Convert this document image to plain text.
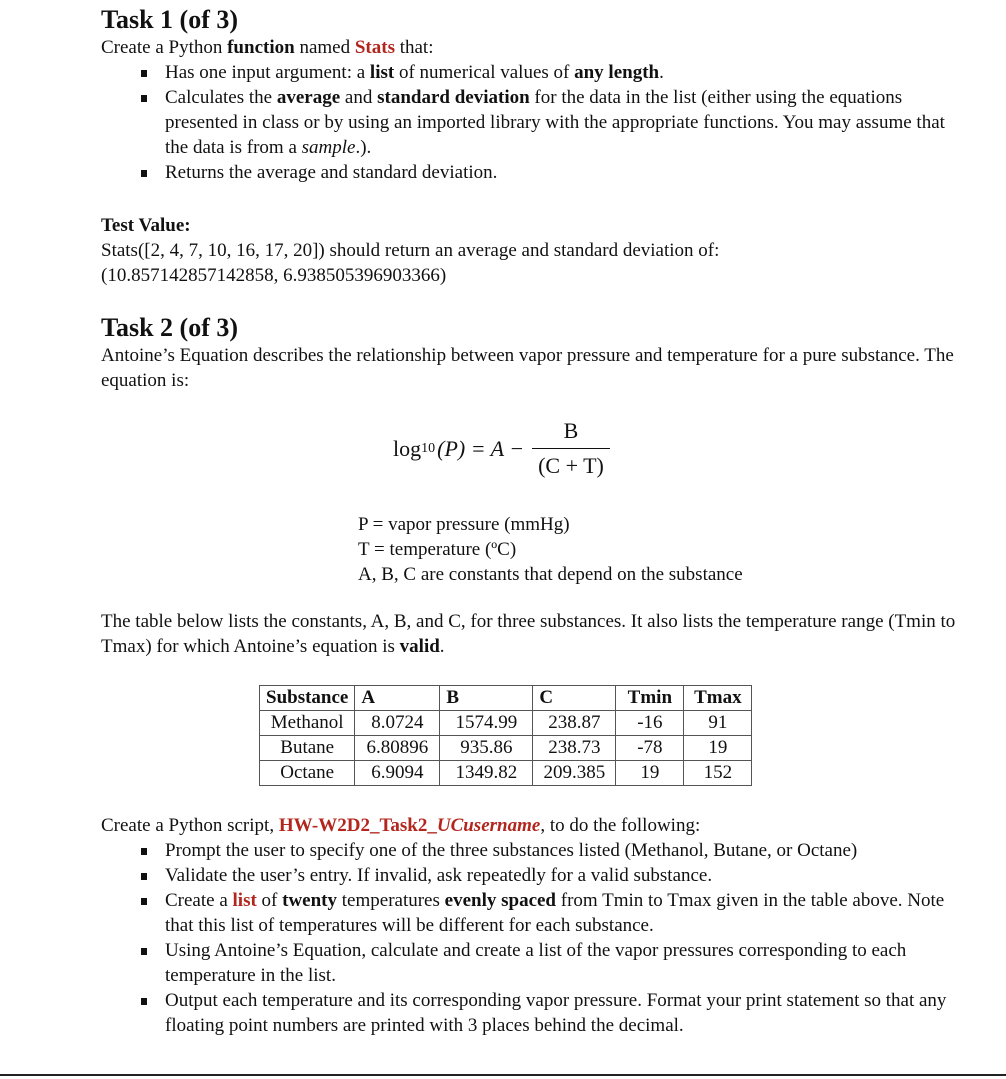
Task 1 (of 3)
Create a Python function named Stats that:
Has one input argument: a list of numerical values of any length.
Calculates the average and standard deviation for the data in the list (either using the equations presented in class or by using an imported library with the appropriate functions. You may assume that the data is from a sample.).
Returns the average and standard deviation.
Test Value:
Stats([2, 4, 7, 10, 16, 17, 20]) should return an average and standard deviation of:
(10.857142857142858, 6.938505396903366)
Task 2 (of 3)
Antoine’s Equation describes the relationship between vapor pressure and temperature for a pure substance. The equation is:
log 10 $(P) = A - \frac{B}{(C + T)}$
P = vapor pressure (mmHg)
T = temperature (ºC)
A, B, C are constants that depend on the substance
The table below lists the constants, A, B, and C, for three substances. It also lists the temperature range (Tmin to Tmax) for which Antoine’s equation is valid.
Substance	A	B	C	Tmin	Tmax
Methanol	8.0724	1574.99	238.87	-16	91
Butane	6.80896	935.86	238.73	-78	19
Octane	6.9094	1349.82	209.385	19	152
Create a Python script, HW-W2D2_Task2_UCusername, to do the following:
Prompt the user to specify one of the three substances listed (Methanol, Butane, or Octane)
Validate the user’s entry. If invalid, ask repeatedly for a valid substance.
Create a list of twenty temperatures evenly spaced from Tmin to Tmax given in the table above. Note that this list of temperatures will be different for each substance.
Using Antoine’s Equation, calculate and create a list of the vapor pressures corresponding to each temperature in the list.
Output each temperature and its corresponding vapor pressure. Format your print statement so that any floating point numbers are printed with 3 places behind the decimal.
